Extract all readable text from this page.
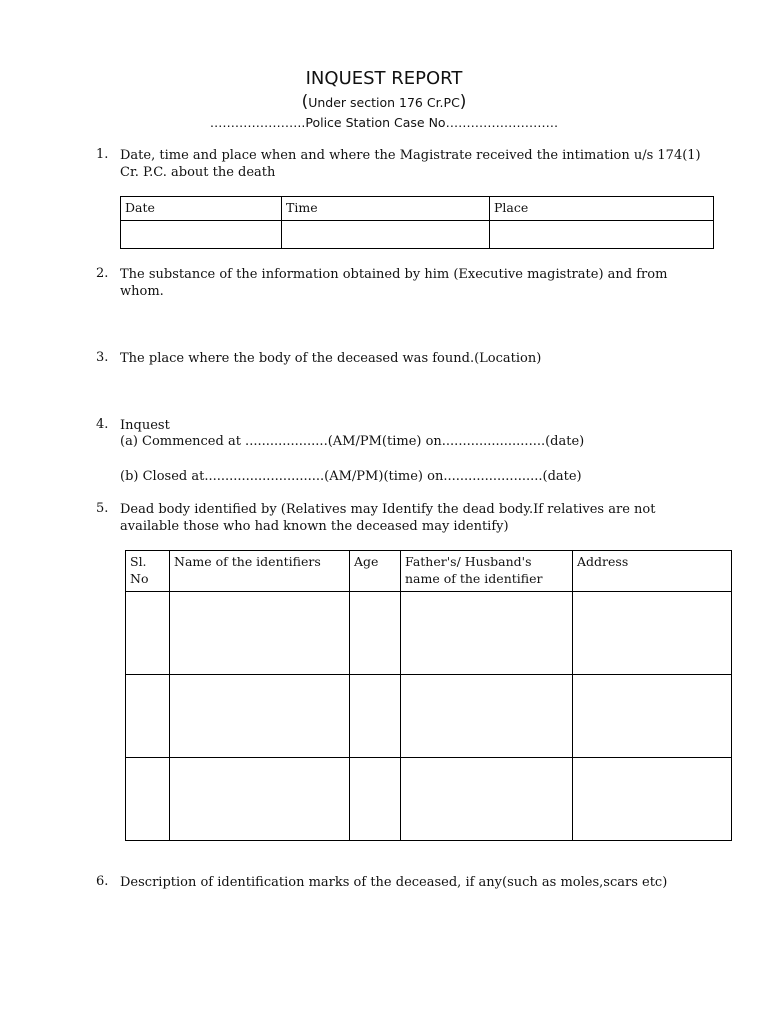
INQUEST REPORT
(Under section 176 Cr.PC)
…………………..Police Station Case No………………………
1. Date, time and place when and where the Magistrate received the intimation u/s 174(1) Cr. P.C. about the death
Date	Time	Place

2. The substance of the information obtained by him (Executive magistrate) and from whom.
3. The place where the body of the deceased was found.(Location)
4. Inquest
(a) Commenced at ....................(AM/PM(time) on.........................(date)
(b) Closed at.............................(AM/PM)(time) on........................(date)
5. Dead body identified by (Relatives may Identify the dead body.If relatives are not available those who had known the deceased may identify)
Sl. No	Name of the identifiers	Age	Father's/ Husband's name of the identifier	Address

6. Description of identification marks of the deceased, if any(such as moles,scars etc)
